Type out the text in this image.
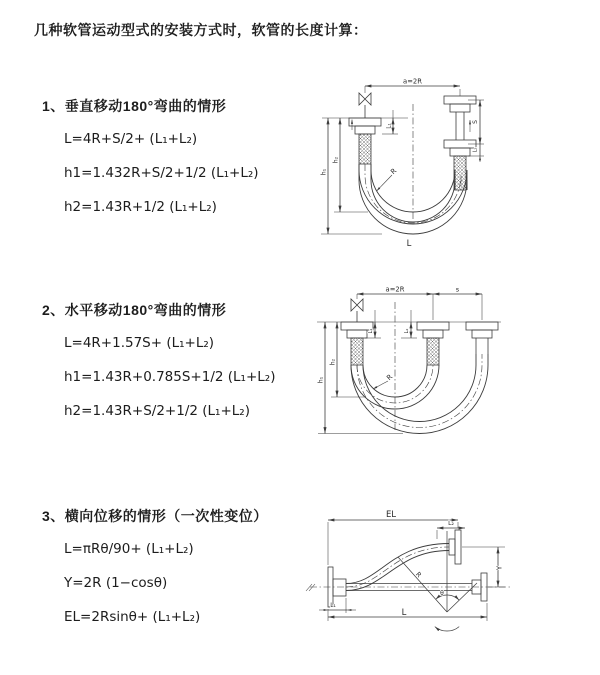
几种软管运动型式的安装方式时，软管的长度计算：
1、垂直移动180°弯曲的情形
L=4R+S/2+ (L₁+L₂)
h1=1.432R+S/2+1/2 (L₁+L₂)
h2=1.43R+1/2 (L₁+L₂)
2、水平移动180°弯曲的情形
L=4R+1.57S+ (L₁+L₂)
h1=1.43R+0.785S+1/2 (L₁+L₂)
h2=1.43R+S/2+1/2 (L₁+L₂)
3、横向位移的情形（一次性变位）
L=πRθ/90+ (L₁+L₂)
Y=2R (1−cosθ)
EL=2Rsinθ+ (L₁+L₂)
a=2R
L₁
S
L₂
h₂
h₁	R
L
a=2R	s
L₁	L₂
h₁
h₂
R
EL
L₂
Y
L₁
L
R
θ
